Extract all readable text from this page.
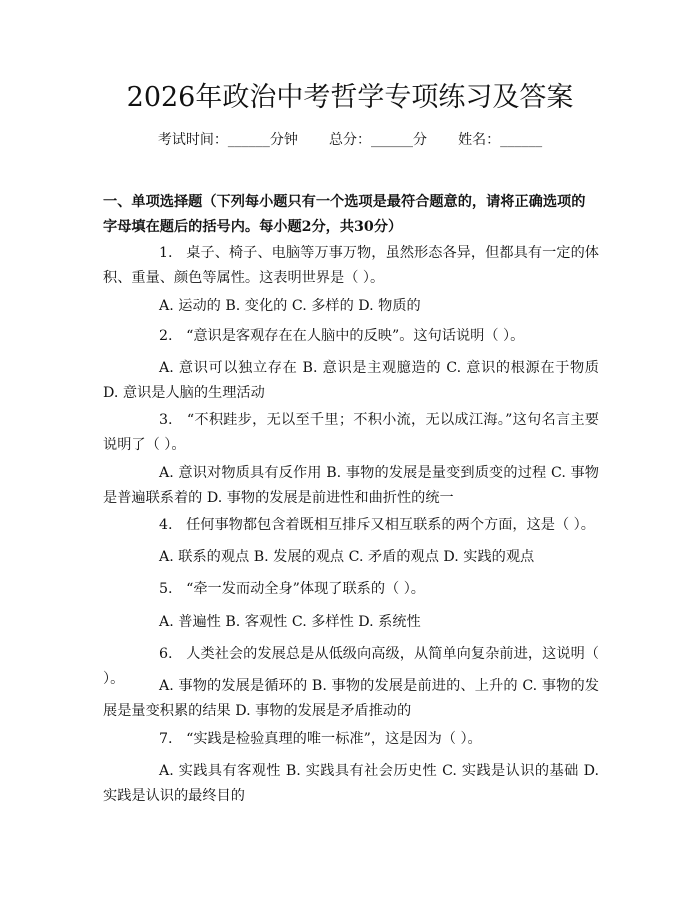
2026年政治中考哲学专项练习及答案
考试时间：______分钟 总分：______分 姓名：______

一、单项选择题（下列每小题只有一个选项是最符合题意的，请将正确选项的字母填在题后的括号内。每小题2分，共30分）

1. 桌子、椅子、电脑等万事万物，虽然形态各异，但都具有一定的体积、重量、颜色等属性。这表明世界是（ ）。

A. 运动的 B. 变化的 C. 多样的 D. 物质的

2. “意识是客观存在在人脑中的反映”。这句话说明（ ）。

A. 意识可以独立存在 B. 意识是主观臆造的 C. 意识的根源在于物质 D. 意识是人脑的生理活动

3. “不积跬步，无以至千里；不积小流，无以成江海。”这句名言主要说明了（ ）。

A. 意识对物质具有反作用 B. 事物的发展是量变到质变的过程 C. 事物是普遍联系着的 D. 事物的发展是前进性和曲折性的统一

4. 任何事物都包含着既相互排斥又相互联系的两个方面，这是（ ）。

A. 联系的观点 B. 发展的观点 C. 矛盾的观点 D. 实践的观点

5. “牵一发而动全身”体现了联系的（ ）。

A. 普遍性 B. 客观性 C. 多样性 D. 系统性

6. 人类社会的发展总是从低级向高级，从简单向复杂前进，这说明（ ）。	A. 事物的发展是循环的 B. 事物的发展是前进的、上升的 C. 事物的发展是量变积累的结果 D. 事物的发展是矛盾推动的

7. “实践是检验真理的唯一标准”，这是因为（ ）。

A. 实践具有客观性 B. 实践具有社会历史性 C. 实践是认识的基础 D. 实践是认识的最终目的
